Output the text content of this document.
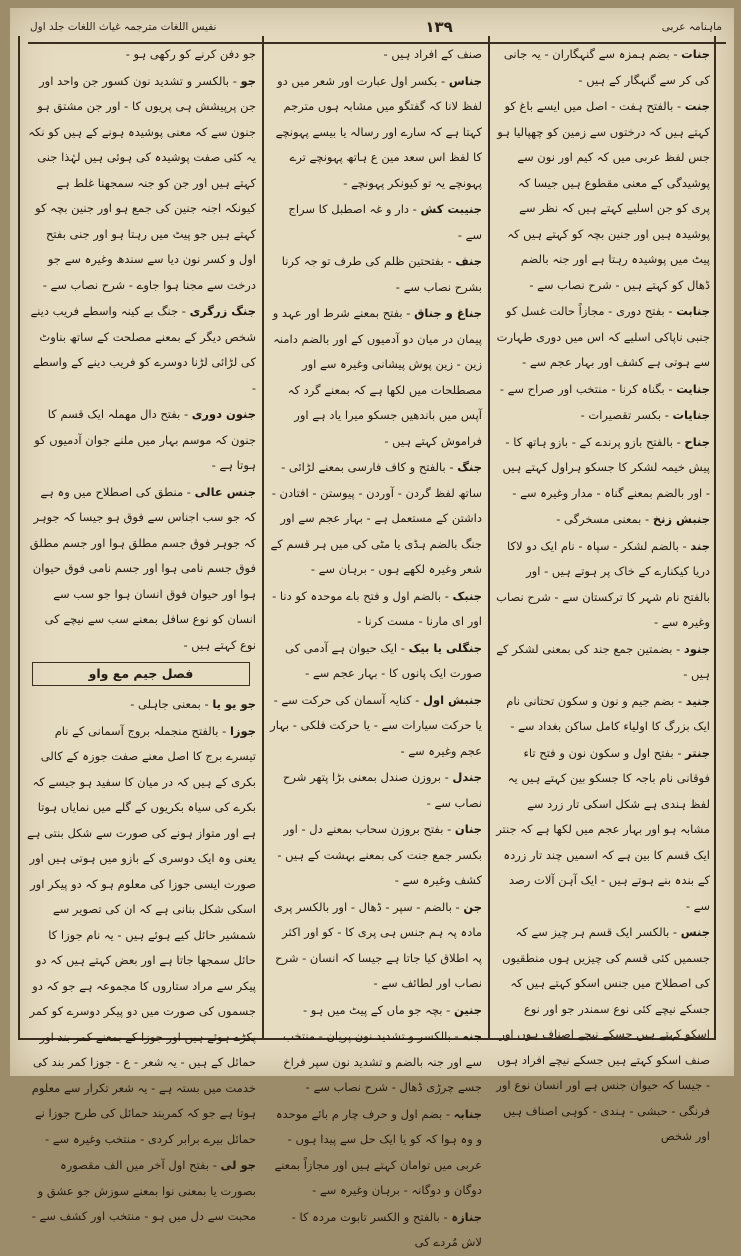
نفیس اللغات مترجمہ غیاث اللغات جلد اول	۱۳۹	ماہنامہ عربی

جنات - بضم ہمزہ سے گنہگاران - یہ جانی کی کر سے گنہگار کے ہیں -

جنت - بالفتح ہفت - اصل میں ایسے باغ کو کہتے ہیں کہ درختوں سے زمین کو چھپالیا ہو جس لفظ عربی میں کہ کیم اور نون سے پوشیدگی کے معنی مقطوع ہیں جیسا کہ پری کو جن اسلیے کہتے ہیں کہ نظر سے پوشیدہ ہیں اور جنین بچہ کو کہتے ہیں کہ پیٹ میں پوشیدہ رہتا ہے اور جنہ بالضم ڈھال کو کہتے ہیں - شرح نصاب سے -

جنابت - بفتح دوری - مجازاً حالت غسل کو جنبی ناپاکی اسلیے کہ اس میں دوری طہارت سے ہوتی ہے کشف اور بہار عجم سے -

جنایت - بگناہ کرنا - منتخب اور صراح سے -

جنایات - بکسر تقصیرات -

جناح - بالفتح بازو پرندے کے - بازو ہاتھ کا - پیش خیمہ لشکر کا جسکو ہراول کہتے ہیں - اور بالضم بمعنے گناہ - مدار وغیرہ سے -

جنبش زنخ - بمعنی مسخرگی -

جند - بالضم لشکر - سپاہ - نام ایک دو لاکا دریا کیکنارے کے خاک پر ہوتے ہیں - اور بالفتح نام شہر کا ترکستان سے - شرح نصاب وغیرہ سے -

جنود - بضمتین جمع جند کی بمعنی لشکر کے ہیں -

جنید - بضم جیم و نون و سکون تحتانی نام ایک بزرگ کا اولیاء کامل ساکن بغداد سے -

جنتر - بفتح اول و سکون نون و فتح تاء فوقانی نام باجہ کا جسکو بین کہتے ہیں یہ لفظ ہندی ہے شکل اسکی تار زرد سے مشابہ ہو اور بہار عجم میں لکھا ہے کہ جنتر ایک قسم کا بین ہے کہ اسمیں چند تار زردہ کے بندہ بنے ہوتے ہیں - ایک آہن آلات رصد سے -

جنس - بالکسر ایک قسم ہر چیز سے کہ جسمیں کئی قسم کی چیزیں ہوں منطقیوں کی اصطلاح میں جنس اسکو کہتے ہیں کہ جسکے نیچے کئی نوع سمندر جو اور نوع اسکو کہتے ہیں جسکے نیچے اصناف ہوں اور صنف اسکو کہتے ہیں جسکے نیچے افراد ہوں - جیسا کہ حیوان جنس ہے اور انسان نوع اور فرنگی - حبشی - ہندی - کوہی اصناف ہیں اور شخص

صنف کے افراد ہیں -

جناس - بکسر اول عبارت اور شعر میں دو لفظ لانا کہ گفتگو میں مشابہ ہوں مترجم کہتا ہے کہ سارے اور رسالہ یا بیسے پہونچے کا لفظ اس سعد مین ع ہاتھ پہونچے ترے پہونچے یہ تو کیونکر پہونچے -

جنیبت کش - دار و غہ اصطبل کا سراج سے -

جنف - بفتحتین ظلم کی طرف تو جہ کرنا بشرح نصاب سے -

جناغ و جناق - بفتح بمعنے شرط اور عہد و پیمان در میان دو آدمیوں کے اور بالضم دامنہ زین - زین پوش پیشانی وغیرہ سے اور مصطلحات میں لکھا ہے کہ بمعنے گرد کہ آپس میں باندھیں جسکو میرا یاد ہے اور فراموش کہتے ہیں -

جنگ - بالفتح و کاف فارسی بمعنے لڑائی - ساتھ لفظ گردن - آوردن - پیوستن - افتادن - داشتن کے مستعمل ہے - بہار عجم سے اور جنگ بالضم ہڈی یا مٹی کی میں ہر قسم کے شعر وغیرہ لکھے ہوں - برہان سے -

جنبک - بالضم اول و فتح باے موحدہ کو دنا - اور ای مارنا - مست کرنا -

جنگلی یا بیک - ایک حیوان ہے آدمی کی صورت ایک پانوں کا - بہار عجم سے -

جنبش اول - کنایہ آسمان کی حرکت سے - یا حرکت سیارات سے - یا حرکت فلکی - بہار عجم وغیرہ سے -

جندل - بروزن صندل بمعنی بڑا پتھر شرح نصاب سے -

جنان - بفتح بروزن سحاب بمعنے دل - اور بکسر جمع جنت کی بمعنے بہشت کے ہیں - کشف وغیرہ سے -

جن - بالضم - سپر - ڈھال - اور بالکسر پری مادہ پہ ہم جنس ہی پری کا - کو اور اکثر پہ اطلاق کیا جاتا ہے جیسا کہ انسان - شرح نصاب اور لطائف سے -

جنین - بچہ جو ماں کے پیٹ میں ہو -

جنہ - بالکسر و تشدید نون پریان - منتخب سے اور جنہ بالضم و تشدید نون سپر فراخ جسے چرڑی ڈھال - شرح نصاب سے -

جنابہ - بضم اول و حرف چار م بائے موحدہ و وہ ہوا کہ کو یا ایک حل سے پیدا ہوں - عربی میں توامان کہتے ہیں اور مجازاً بمعنے دوگان و دوگانہ - برہان وغیرہ سے -

جنازہ - بالفتح و الکسر تابوت مردہ کا - لاش مُردے کی

جو دفن کرنے کو رکھی ہو -

جو - بالکسر و تشدید نون کسور جن واحد اور جن پرپیشش ہی پریوں کا - اور جن مشتق ہو جنون سے کہ معنی پوشیدہ ہونے کے ہیں کو نکہ یہ کئی صفت پوشیدہ کی ہوئی ہیں لہٰذا جنی کہتے ہیں اور جن کو جنہ سمجھنا غلط ہے کیونکہ اجنہ جنین کی جمع ہو اور جنین بچہ کو کہتے ہیں جو پیٹ میں رہتا ہو اور جنی بفتح اول و کسر نون دیا سے سندھ وغیرہ سے جو درخت سے مجنا ہوا جاوے - شرح نصاب سے -

جنگ زرگری - جنگ بے کینہ واسطے فریب دینے شخص دیگر کے بمعنے مصلحت کے ساتھ بناوٹ کی لڑائی لڑنا دوسرے کو فریب دینے کے واسطے -

جنون دوری - بفتح دال مھملہ ایک قسم کا جنون کہ موسم بہار میں ملنے جوان آدمیوں کو ہوتا ہے -

جنس عالی - منطق کی اصطلاح میں وہ ہے کہ جو سب اجناس سے فوق ہو جیسا کہ جوہر کہ جوہر فوق جسم مطلق ہوا اور جسم مطلق فوق جسم نامی ہوا اور جسم نامی فوق حیوان ہوا اور حیوان فوق انسان ہوا جو سب سے انسان کو نوع سافل بمعنے سب سے نیچے کی نوع کہتے ہیں -

فصل جیم مع واو

جو یو یا - بمعنی جاہلی -

جوزا - بالفتح منجملہ بروج آسمانی کے نام تیسرے برج کا اصل معنے صفت جوزہ کے کالی بکری کے ہیں کہ در میان کا سفید ہو جیسے کہ بکرے کی سیاہ بکریوں کے گلے میں نمایاں ہوتا ہے اور متواز ہونے کی صورت سے شکل بنتی ہے یعنی وہ ایک دوسری کے بازو میں ہوتی ہیں اور صورت ایسی جوزا کی معلوم ہو کہ دو پیکر اور اسکی شکل بنانی ہے کہ ان کی تصویر سے شمشیر حائل کیے ہوئے ہیں - یہ نام جوزا کا حائل سمجھا جاتا ہے اور بعض کہتے ہیں کہ دو پیکر سے مراد ستاروں کا مجموعہ ہے جو کہ دو جسموں کی صورت میں دو پیکر دوسرے کو کمر پکڑے ہوئے ہیں اور جوزا کے بمعنے کمر بند اور حمائل کے ہیں - یہ شعر - ع - جوزا کمر بند کی خدمت میں بستہ ہے - یہ شعر تکرار سے معلوم ہوتا ہے جو کہ کمربند حمائل کی طرح جوزا نے حمائل بیرے برابر کردی - منتخب وغیرہ سے -

جو لی - بفتح اول آخر میں الف مقصورہ بصورت یا بمعنی نوا بمعنے سوزش جو عشق و محبت سے دل میں ہو - منتخب اور کشف سے -
